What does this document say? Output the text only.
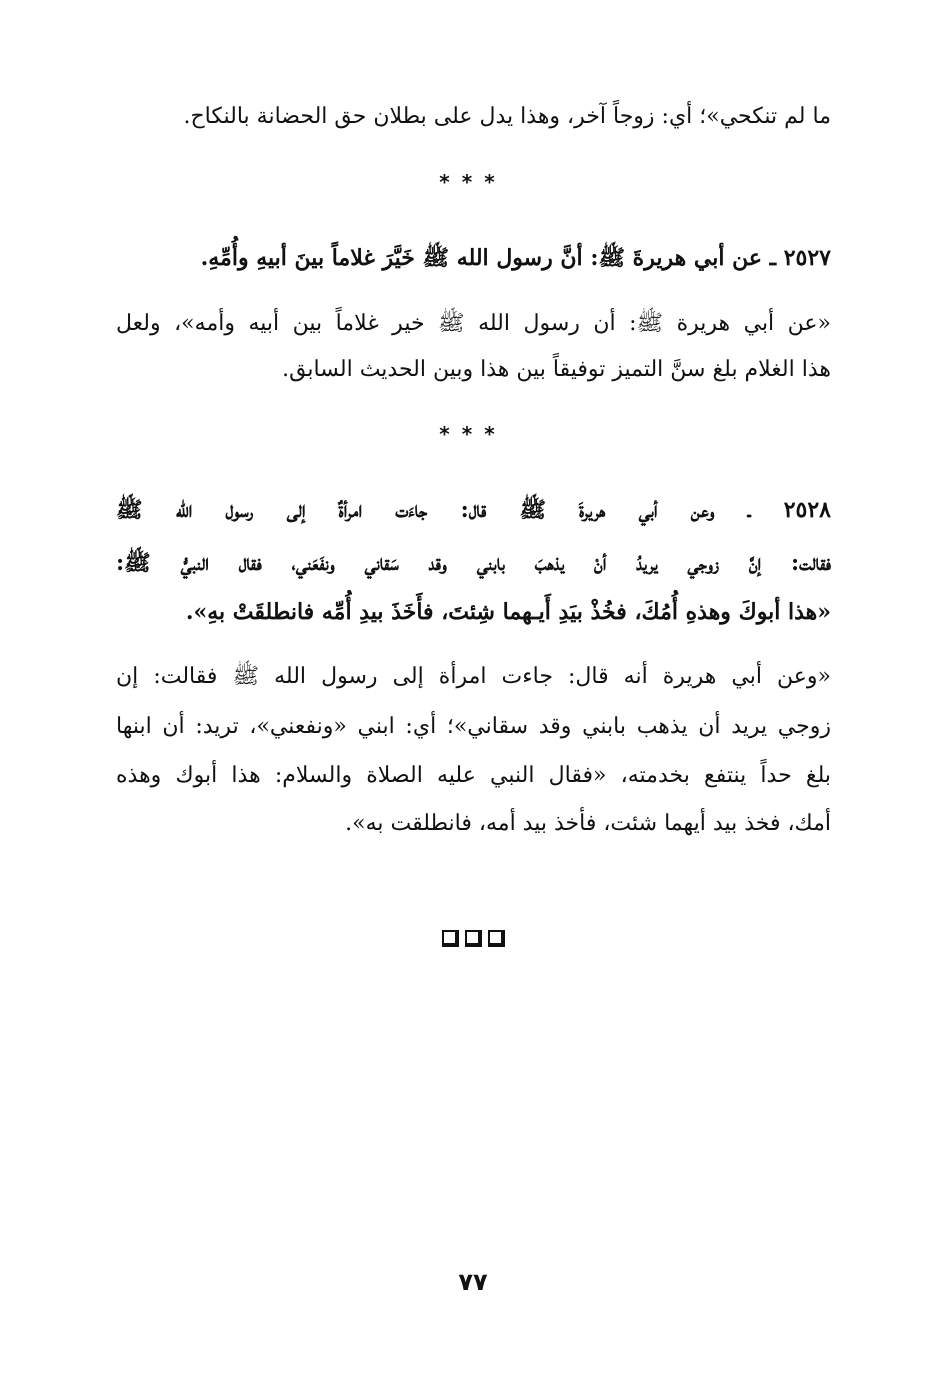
ما لم تنكحي»؛ أي: زوجاً آخر، وهذا يدل على بطلان حق الحضانة بالنكاح.
***
٢٥٢٧ ـ عن أبي هريرةَ ﷺ: أنَّ رسول الله ﷺ خَيَّرَ غلاماً بينَ أبيهِ وأُمِّهِ.
«عن أبي هريرة ﷺ: أن رسول الله ﷺ خير غلاماً بين أبيه وأمه»، ولعل
هذا الغلام بلغ سنَّ التميز توفيقاً بين هذا وبين الحديث السابق.
***
٢٥٢٨ ـ وعن أبي هريرةَ ﷺ قال: جاءَت امرأةٌ إلى رسول الله ﷺ
فقالت: إنَّ زوجي يريدُ أنْ يذهبَ بابني وقد سَقاني ونفَعَني، فقال النبيُّ ﷺ:
«هذا أبوكَ وهذهِ أُمُكَ، فخُذْ بيَدِ أَيـهما شِئتَ، فأَخَذَ بيدِ أُمِّه فانطلقَتْ بهِ».
«وعن أبي هريرة أنه قال: جاءت امرأة إلى رسول الله ﷺ فقالت: إن
زوجي يريد أن يذهب بابني وقد سقاني»؛ أي: ابني «ونفعني»، تريد: أن ابنها
بلغ حداً ينتفع بخدمته، «فقال النبي عليه الصلاة والسلام: هذا أبوك وهذه
أمك، فخذ بيد أيهما شئت، فأخذ بيد أمه، فانطلقت به».
٧٧
